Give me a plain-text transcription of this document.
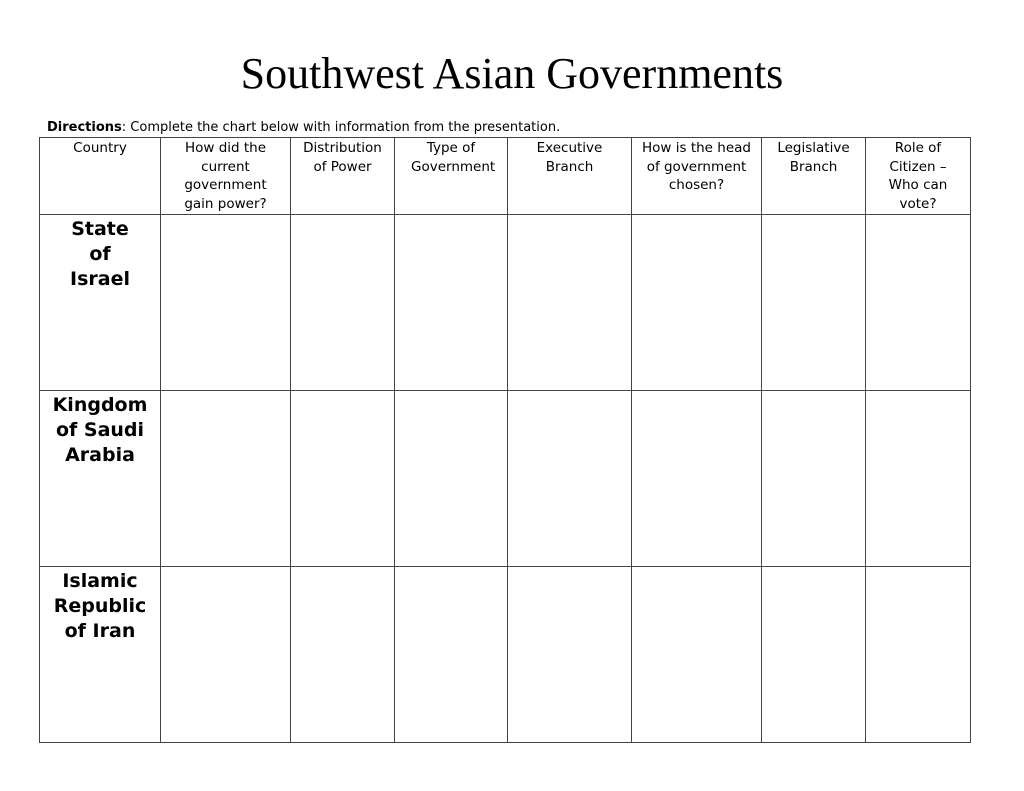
Southwest Asian Governments
Directions: Complete the chart below with information from the presentation.
Country	How did the current government gain power?	Distribution of Power	Type of Government	Executive Branch	How is the head of government chosen?	Legislative Branch	Role of Citizen – Who can vote?
State of Israel							
Kingdom of Saudi Arabia							
Islamic Republic of Iran							
